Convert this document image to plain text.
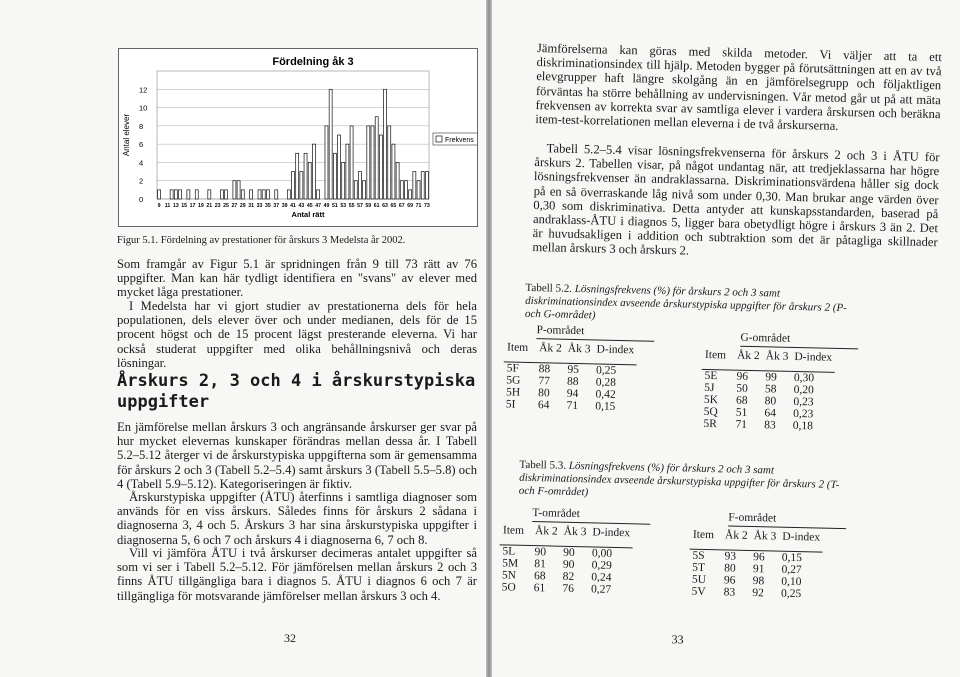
Fördelning åk 3
0
2
4
6
8
10
12
9 11 13 15 17 19 21 23 25 27 29 31 33 35 37 39 41 43 45 47 49 51 53 55 57 59 61 63 65 67 69 71 73
Antal rätt
Antal elever	Frekvens
Figur 5.1. Fördelning av prestationer för årskurs 3 Medelsta år 2002.

Som framgår av Figur 5.1 är spridningen från 9 till 73 rätt av 76 uppgifter. Man kan här tydligt identifiera en "svans" av elever med mycket låga prestationer.

I Medelsta har vi gjort studier av prestationerna dels för hela populationen, dels elever över och under medianen, dels för de 15 procent högst och de 15 procent lägst presterande eleverna. Vi har också studerat uppgifter med olika behållningsnivå och deras lösningar.

Årskurs 2, 3 och 4 i årskurstypiska uppgifter

En jämförelse mellan årskurs 3 och angränsande årskurser ger svar på hur mycket elevernas kunskaper förändras mellan dessa år. I Tabell 5.2–5.12 återger vi de årskurstypiska uppgifterna som är gemensamma för årskurs 2 och 3 (Tabell 5.2–5.4) samt årskurs 3 (Tabell 5.5–5.8) och 4 (Tabell 5.9–5.12). Kategoriseringen är fiktiv.

Årskurstypiska uppgifter (ÅTU) återfinns i samtliga diagnoser som används för en viss årskurs. Således finns för årskurs 2 sådana i diagnoserna 3, 4 och 5. Årskurs 3 har sina årskurstypiska uppgifter i diagnoserna 5, 6 och 7 och årskurs 4 i diagnoserna 6, 7 och 8.

Vill vi jämföra ÅTU i två årskurser decimeras antalet uppgifter så som vi ser i Tabell 5.2–5.12. För jämförelsen mellan årskurs 2 och 3 finns ÅTU tillgängliga bara i diagnos 5. ÅTU i diagnos 6 och 7 är tillgängliga för motsvarande jämförelser mellan årskurs 3 och 4.

32

Jämförelserna kan göras med skilda metoder. Vi väljer att ta ett diskriminationsindex till hjälp. Metoden bygger på förutsättningen att en av två elevgrupper haft längre skolgång än en jämförelsegrupp och följaktligen förväntas ha större behållning av undervisningen. Vår metod går ut på att mäta frekvensen av korrekta svar av samtliga elever i vardera årskursen och beräkna item-test-korrelationen mellan eleverna i de två årskurserna.

Tabell 5.2–5.4 visar lösningsfrekvenserna för årskurs 2 och 3 i ÅTU för årskurs 2. Tabellen visar, på något undantag när, att tredjeklassarna har högre lösningsfrekvenser än andraklassarna. Diskriminationsvärdena håller sig dock på en så överraskande låg nivå som under 0,30. Man brukar ange värden över 0,30 som diskriminativa. Detta antyder att kunskapsstandarden, baserad på andraklass-ÅTU i diagnos 5, ligger bara obetydligt högre i årskurs 3 än 2. Det är huvudsakligen i addition och subtraktion som det är påtagliga skillnader mellan årskurs 3 och årskurs 2.

Tabell 5.2. Lösningsfrekvens (%) för årskurs 2 och 3 samt diskriminationsindex avseende årskurstypiska uppgifter för årskurs 2 (P- och G-området)
P-området
Item	Åk 2	Åk 3	D-index
5F	88	95	0,25
5G	77	88	0,28
5H	80	94	0,42
5I	64	71	0,15
G-området
Item	Åk 2	Åk 3	D-index
5E	96	99	0,30
5J	50	58	0,20
5K	68	80	0,23
5Q	51	64	0,23
5R	71	83	0,18
Tabell 5.3. Lösningsfrekvens (%) för årskurs 2 och 3 samt diskriminationsindex avseende årskurstypiska uppgifter för årskurs 2 (T- och F-området)
T-området
Item	Åk 2	Åk 3	D-index
5L	90	90	0,00
5M	81	90	0,29
5N	68	82	0,24
5O	61	76	0,27
F-området
Item	Åk 2	Åk 3	D-index
5S	93	96	0,15
5T	80	91	0,27
5U	96	98	0,10
5V	83	92	0,25
33
